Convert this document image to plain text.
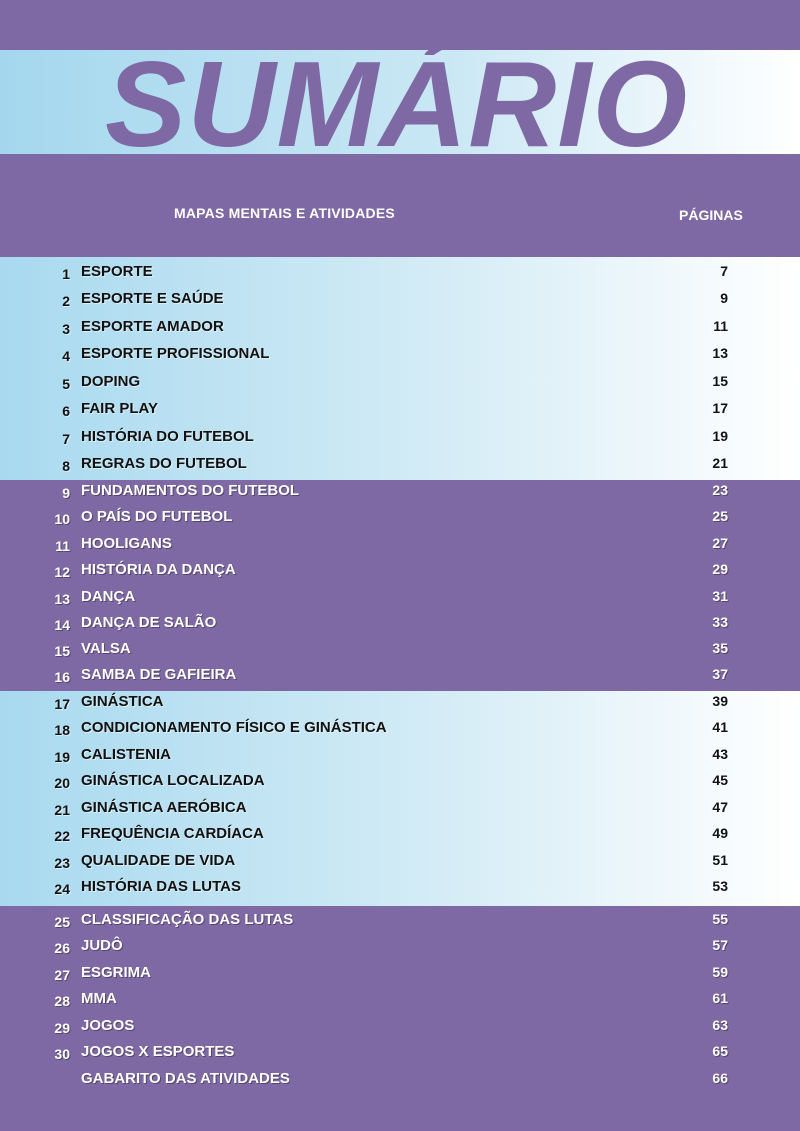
SUMÁRIO
MAPAS MENTAIS E ATIVIDADES	PÁGINAS
1 ESPORTE	7
2 ESPORTE E SAÚDE	9
3 ESPORTE AMADOR	11
4 ESPORTE PROFISSIONAL	13
5 DOPING	15
6 FAIR PLAY	17
7 HISTÓRIA DO FUTEBOL	19
8 REGRAS DO FUTEBOL	21
9 FUNDAMENTOS DO FUTEBOL	23
10 O PAÍS DO FUTEBOL	25
11 HOOLIGANS	27
12 HISTÓRIA DA DANÇA	29
13 DANÇA	31
14 DANÇA DE SALÃO	33
15 VALSA	35
16 SAMBA DE GAFIEIRA	37
17 GINÁSTICA	39
18 CONDICIONAMENTO FÍSICO E GINÁSTICA	41
19 CALISTENIA	43
20 GINÁSTICA LOCALIZADA	45
21 GINÁSTICA AERÓBICA	47
22 FREQUÊNCIA CARDÍACA	49
23 QUALIDADE DE VIDA	51
24 HISTÓRIA DAS LUTAS	53
25 CLASSIFICAÇÃO DAS LUTAS	55
26 JUDÔ	57
27 ESGRIMA	59
28 MMA	61
29 JOGOS	63
30 JOGOS X ESPORTES	65
GABARITO DAS ATIVIDADES	66
